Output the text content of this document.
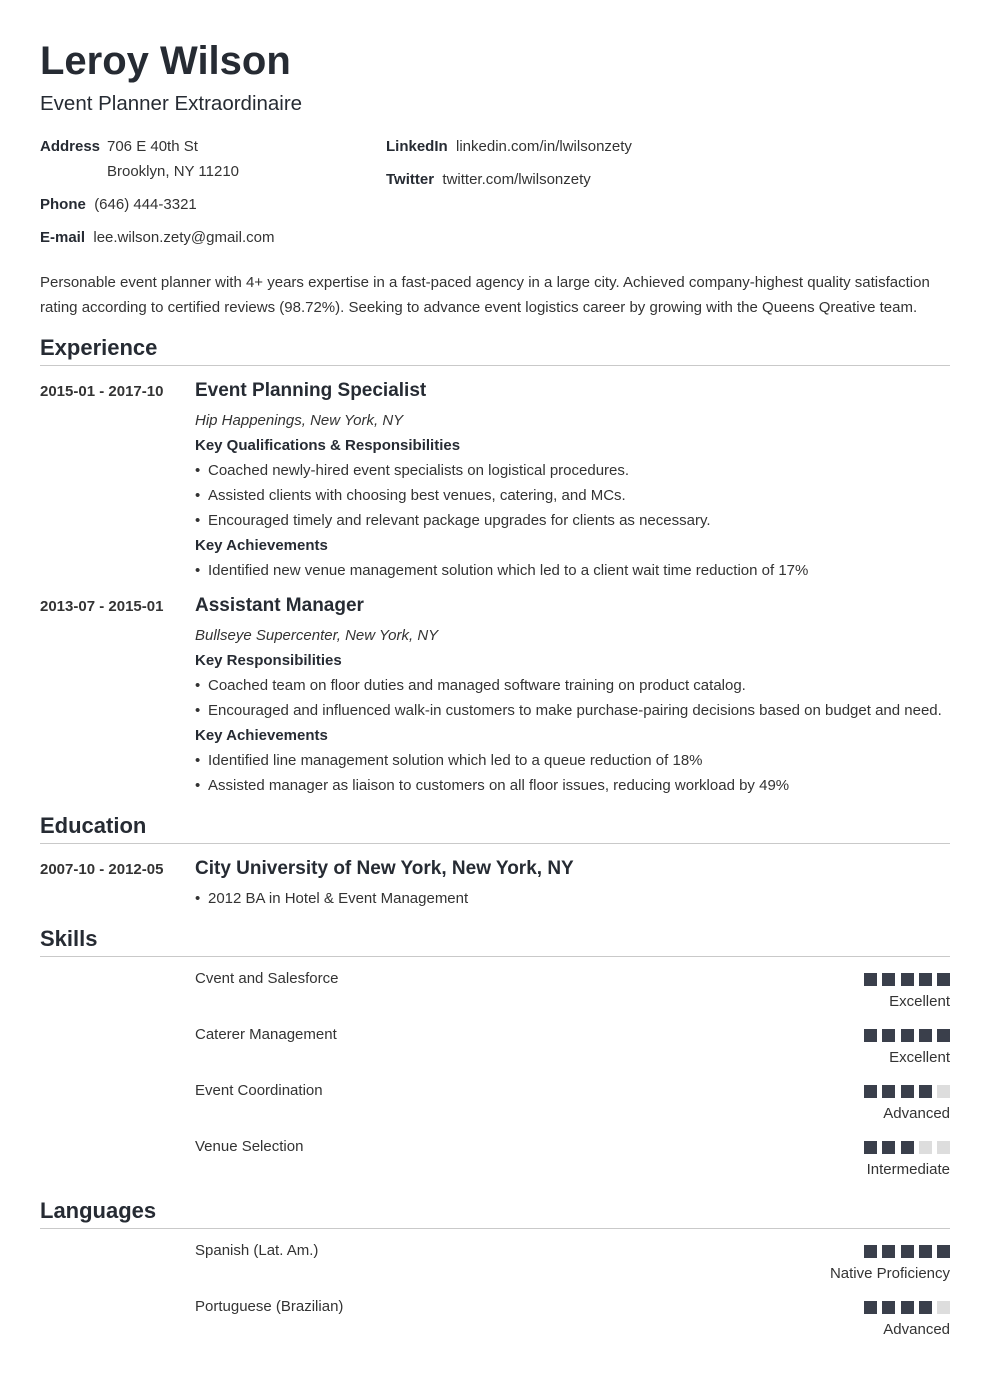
Leroy Wilson
Event Planner Extraordinaire
Address 706 E 40th St
Brooklyn, NY 11210
Phone (646) 444-3321
E-mail lee.wilson.zety@gmail.com
LinkedIn linkedin.com/in/lwilsonzety
Twitter twitter.com/lwilsonzety
Personable event planner with 4+ years expertise in a fast-paced agency in a large city. Achieved company-highest quality satisfaction rating according to certified reviews (98.72%). Seeking to advance event logistics career by growing with the Queens Qreative team.
Experience
2015-01 - 2017-10 Event Planning Specialist
Hip Happenings, New York, NY
Key Qualifications & Responsibilities
• Coached newly-hired event specialists on logistical procedures.
• Assisted clients with choosing best venues, catering, and MCs.
• Encouraged timely and relevant package upgrades for clients as necessary.
Key Achievements
• Identified new venue management solution which led to a client wait time reduction of 17%
2013-07 - 2015-01 Assistant Manager
Bullseye Supercenter, New York, NY
Key Responsibilities
• Coached team on floor duties and managed software training on product catalog.
• Encouraged and influenced walk-in customers to make purchase-pairing decisions based on budget and need.
Key Achievements
• Identified line management solution which led to a queue reduction of 18%
• Assisted manager as liaison to customers on all floor issues, reducing workload by 49%
Education
2007-10 - 2012-05 City University of New York, New York, NY
• 2012 BA in Hotel & Event Management
Skills
Cvent and Salesforce
Excellent
Caterer Management
Excellent
Event Coordination
Advanced
Venue Selection
Intermediate
Languages
Spanish (Lat. Am.)
Native Proficiency
Portuguese (Brazilian)
Advanced
